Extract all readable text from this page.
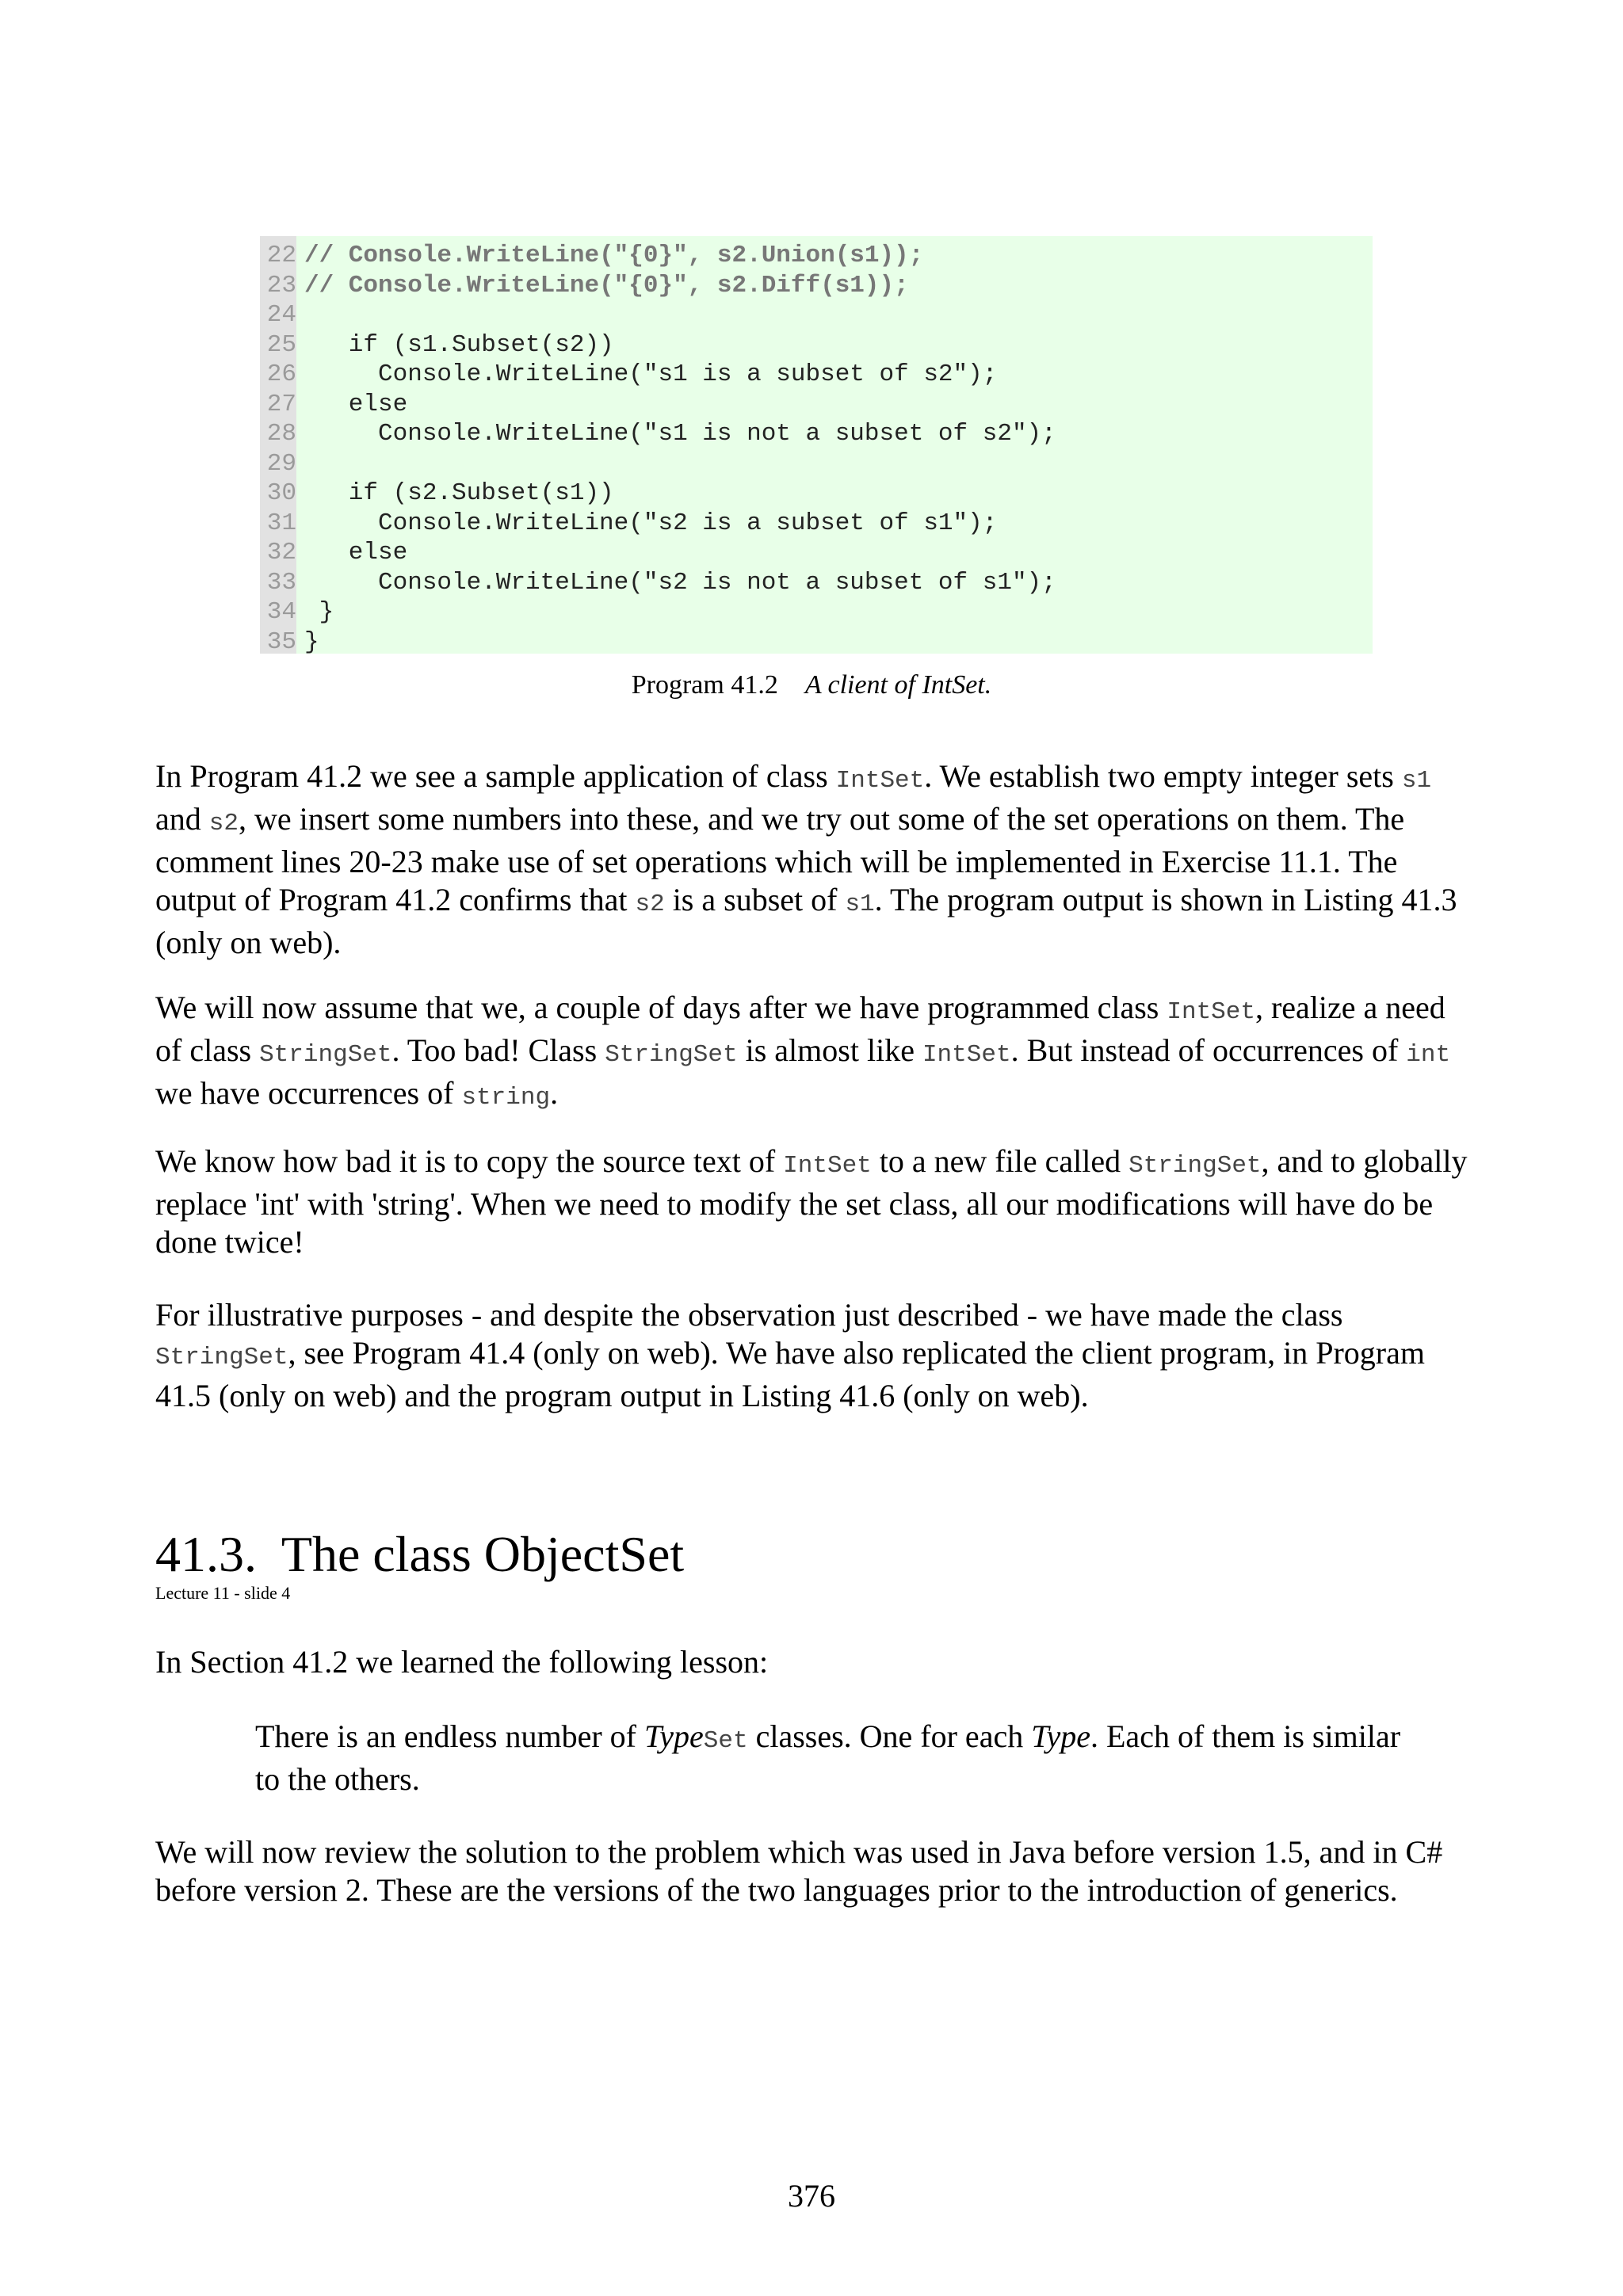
22 // Console.WriteLine("{0}", s2.Union(s1));
23 // Console.WriteLine("{0}", s2.Diff(s1));
24
25   if (s1.Subset(s2))
26     Console.WriteLine("s1 is a subset of s2");
27   else
28     Console.WriteLine("s1 is not a subset of s2");
29
30   if (s2.Subset(s1))
31     Console.WriteLine("s2 is a subset of s1");
32   else
33     Console.WriteLine("s2 is not a subset of s1");
34 }
35 }
Program 41.2 A client of IntSet.
In Program 41.2 we see a sample application of class IntSet. We establish two empty integer sets s1 and s2, we insert some numbers into these, and we try out some of the set operations on them. The comment lines 20-23 make use of set operations which will be implemented in Exercise 11.1. The output of Program 41.2 confirms that s2 is a subset of s1. The program output is shown in Listing 41.3 (only on web).
We will now assume that we, a couple of days after we have programmed class IntSet, realize a need of class StringSet. Too bad! Class StringSet is almost like IntSet. But instead of occurrences of int we have occurrences of string.
We know how bad it is to copy the source text of IntSet to a new file called StringSet, and to globally replace 'int' with 'string'. When we need to modify the set class, all our modifications will have do be done twice!
For illustrative purposes - and despite the observation just described - we have made the class StringSet, see Program 41.4 (only on web). We have also replicated the client program, in Program 41.5 (only on web) and the program output in Listing 41.6 (only on web).
41.3. The class ObjectSet
Lecture 11 - slide 4
In Section 41.2 we learned the following lesson:
There is an endless number of TypeSet classes. One for each Type. Each of them is similar to the others.
We will now review the solution to the problem which was used in Java before version 1.5, and in C# before version 2. These are the versions of the two languages prior to the introduction of generics.
376
